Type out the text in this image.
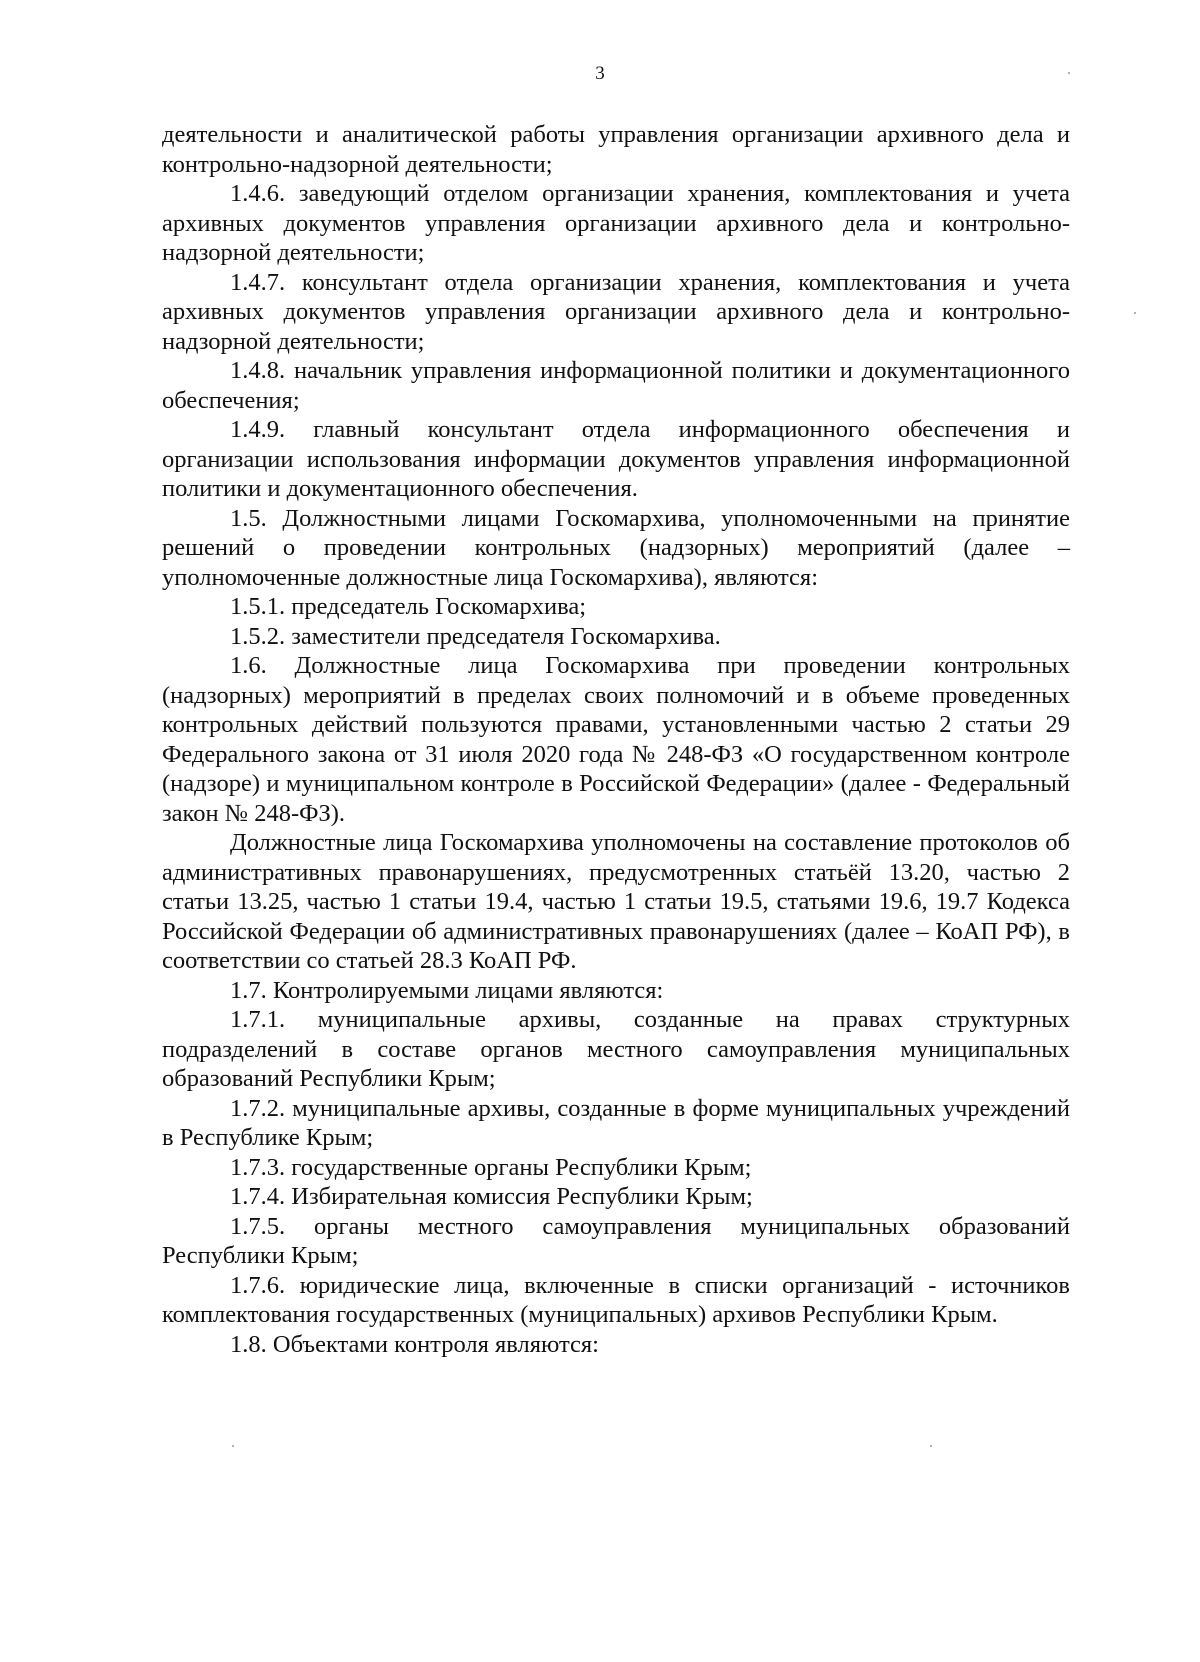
3

деятельности и аналитической работы управления организации архивного дела и контрольно-надзорной деятельности;

1.4.6. заведующий отделом организации хранения, комплектования и учета архивных документов управления организации архивного дела и контрольно-надзорной деятельности;

1.4.7. консультант отдела организации хранения, комплектования и учета архивных документов управления организации архивного дела и контрольно-надзорной деятельности;

1.4.8. начальник управления информационной политики и документационного обеспечения;

1.4.9. главный консультант отдела информационного обеспечения и организации использования информации документов управления информационной политики и документационного обеспечения.

1.5. Должностными лицами Госкомархива, уполномоченными на принятие решений о проведении контрольных (надзорных) мероприятий (далее – уполномоченные должностные лица Госкомархива), являются:

1.5.1. председатель Госкомархива;

1.5.2. заместители председателя Госкомархива.

1.6. Должностные лица Госкомархива при проведении контрольных (надзорных) мероприятий в пределах своих полномочий и в объеме проведенных контрольных действий пользуются правами, установленными частью 2 статьи 29 Федерального закона от 31 июля 2020 года № 248-ФЗ «О государственном контроле (надзоре) и муниципальном контроле в Российской Федерации» (далее - Федеральный закон № 248-ФЗ).

Должностные лица Госкомархива уполномочены на составление протоколов об административных правонарушениях, предусмотренных статьёй 13.20, частью 2 статьи 13.25, частью 1 статьи 19.4, частью 1 статьи 19.5, статьями 19.6, 19.7 Кодекса Российской Федерации об административных правонарушениях (далее – КоАП РФ), в соответствии со статьей 28.3 КоАП РФ.

1.7. Контролируемыми лицами являются:

1.7.1. муниципальные архивы, созданные на правах структурных подразделений в составе органов местного самоуправления муниципальных образований Республики Крым;

1.7.2. муниципальные архивы, созданные в форме муниципальных учреждений в Республике Крым;

1.7.3. государственные органы Республики Крым;

1.7.4. Избирательная комиссия Республики Крым;

1.7.5. органы местного самоуправления муниципальных образований Республики Крым;

1.7.6. юридические лица, включенные в списки организаций - источников комплектования государственных (муниципальных) архивов Республики Крым.

1.8. Объектами контроля являются:
